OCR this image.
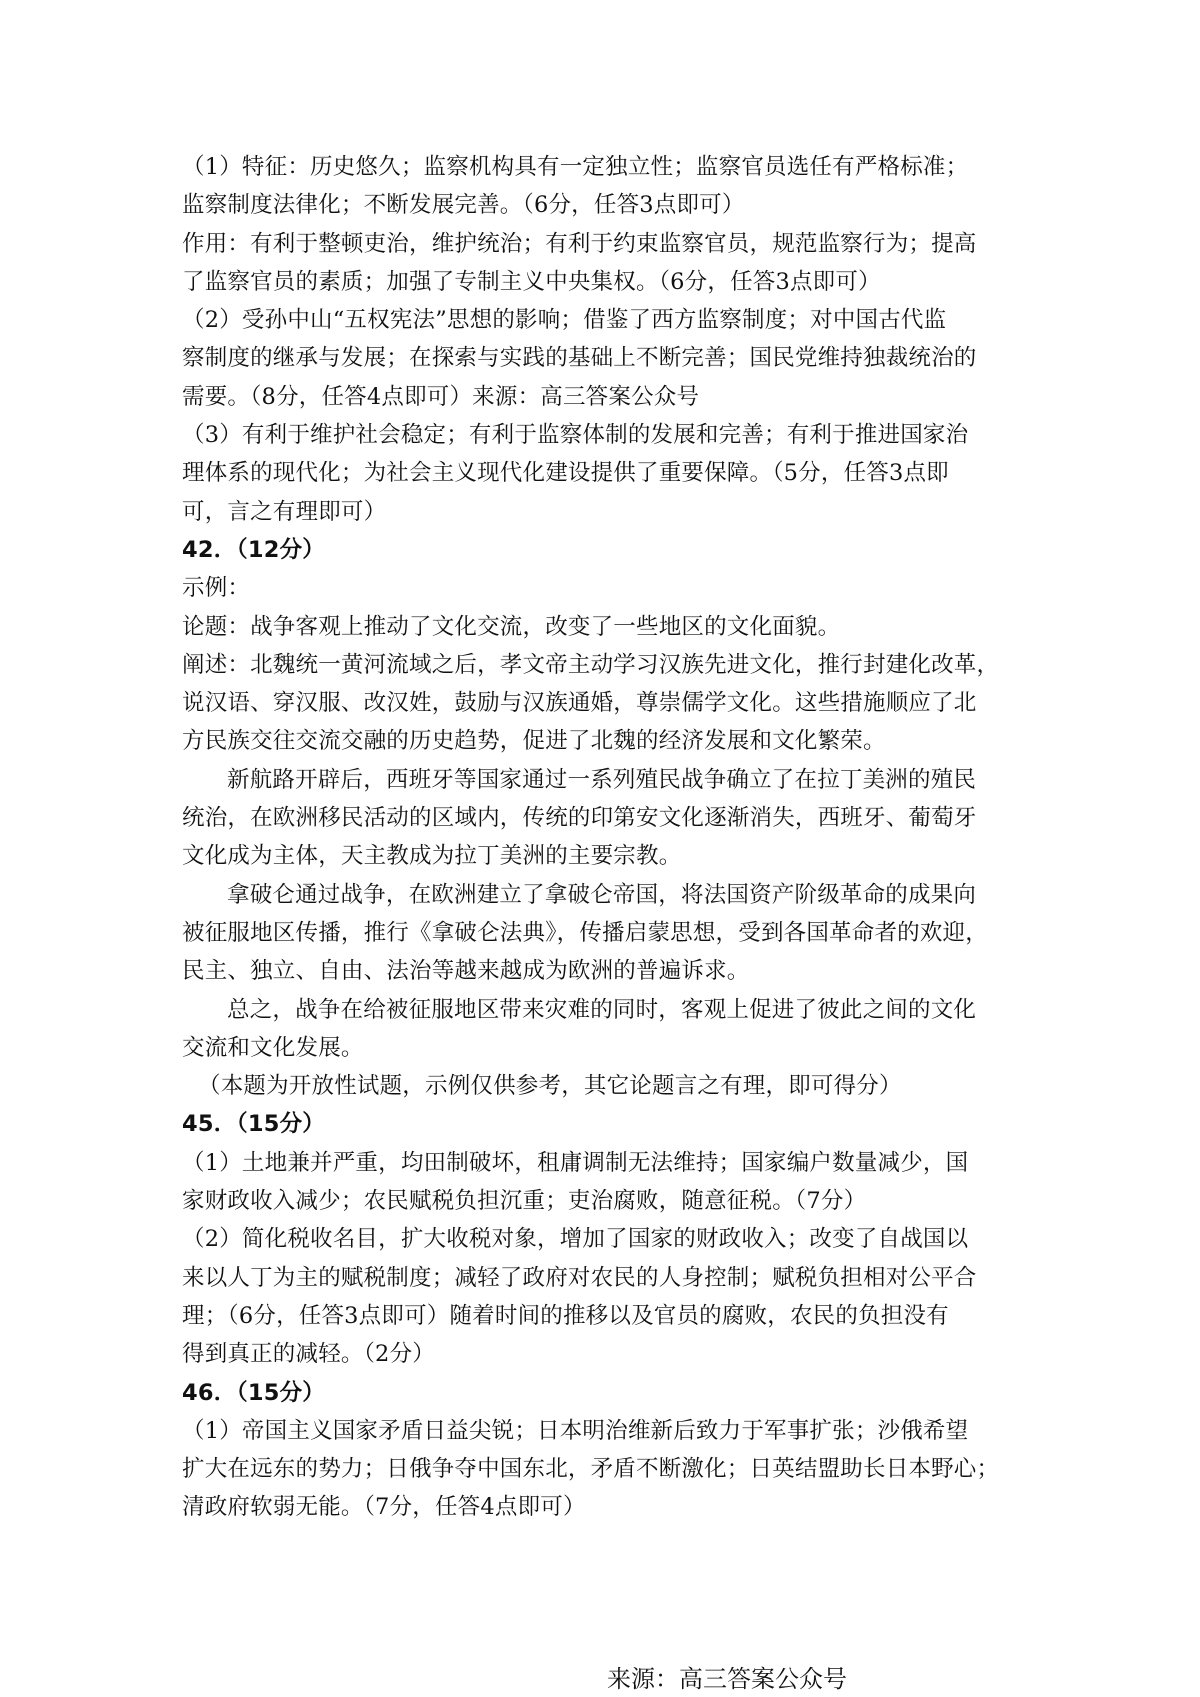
（1）特征：历史悠久；监察机构具有一定独立性；监察官员选任有严格标准；
监察制度法律化；不断发展完善。（6分，任答3点即可）
作用：有利于整顿吏治，维护统治；有利于约束监察官员，规范监察行为；提高
了监察官员的素质；加强了专制主义中央集权。（6分，任答3点即可）
（2）受孙中山“五权宪法”思想的影响；借鉴了西方监察制度；对中国古代监
察制度的继承与发展；在探索与实践的基础上不断完善；国民党维持独裁统治的
需要。（8分，任答4点即可）来源：高三答案公众号
（3）有利于维护社会稳定；有利于监察体制的发展和完善；有利于推进国家治
理体系的现代化；为社会主义现代化建设提供了重要保障。（5分，任答3点即
可，言之有理即可）
42．（12分）
示例：
论题：战争客观上推动了文化交流，改变了一些地区的文化面貌。
阐述：北魏统一黄河流域之后，孝文帝主动学习汉族先进文化，推行封建化改革，
说汉语、穿汉服、改汉姓，鼓励与汉族通婚，尊崇儒学文化。这些措施顺应了北
方民族交往交流交融的历史趋势，促进了北魏的经济发展和文化繁荣。
新航路开辟后，西班牙等国家通过一系列殖民战争确立了在拉丁美洲的殖民
统治，在欧洲移民活动的区域内，传统的印第安文化逐渐消失，西班牙、葡萄牙
文化成为主体，天主教成为拉丁美洲的主要宗教。
拿破仑通过战争，在欧洲建立了拿破仑帝国，将法国资产阶级革命的成果向
被征服地区传播，推行《拿破仑法典》，传播启蒙思想，受到各国革命者的欢迎，
民主、独立、自由、法治等越来越成为欧洲的普遍诉求。
总之，战争在给被征服地区带来灾难的同时，客观上促进了彼此之间的文化
交流和文化发展。
（本题为开放性试题，示例仅供参考，其它论题言之有理，即可得分）
45．（15分）
（1）土地兼并严重，均田制破坏，租庸调制无法维持；国家编户数量减少，国
家财政收入减少；农民赋税负担沉重；吏治腐败，随意征税。（7分）
（2）简化税收名目，扩大收税对象，增加了国家的财政收入；改变了自战国以
来以人丁为主的赋税制度；减轻了政府对农民的人身控制；赋税负担相对公平合
理；（6分，任答3点即可）随着时间的推移以及官员的腐败，农民的负担没有
得到真正的减轻。（2分）
46．（15分）
（1）帝国主义国家矛盾日益尖锐；日本明治维新后致力于军事扩张；沙俄希望
扩大在远东的势力；日俄争夺中国东北，矛盾不断激化；日英结盟助长日本野心；
清政府软弱无能。（7分，任答4点即可）
来源：高三答案公众号
